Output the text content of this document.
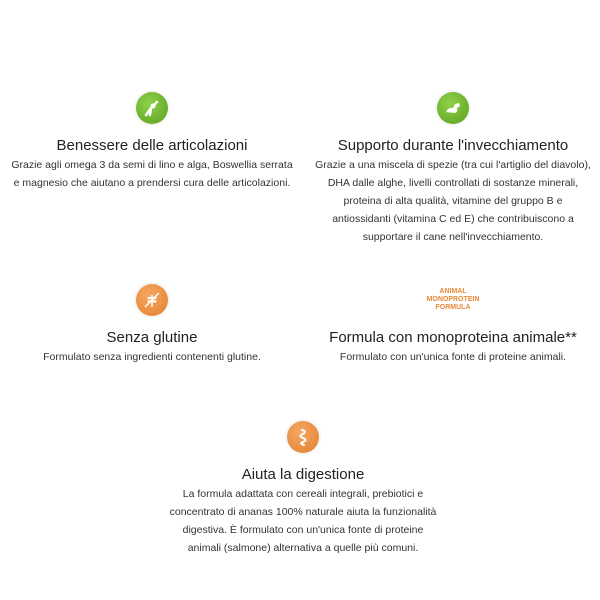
Benessere delle articolazioni
Grazie agli omega 3 da semi di lino e alga, Boswellia serrata
e magnesio che aiutano a prendersi cura delle articolazioni.
Supporto durante l'invecchiamento
Grazie a una miscela di spezie (tra cui l'artiglio del diavolo),
DHA dalle alghe, livelli controllati di sostanze minerali,
proteina di alta qualità, vitamine del gruppo B e
antiossidanti (vitamina C ed E) che contribuiscono a
supportare il cane nell'invecchiamento.
Senza glutine
Formulato senza ingredienti contenenti glutine.
ANIMAL
MONOPROTEIN
FORMULA
Formula con monoproteina animale**
Formulato con un'unica fonte di proteine animali.
Aiuta la digestione
La formula adattata con cereali integrali, prebiotici e
concentrato di ananas 100% naturale aiuta la funzionalità
digestiva. È formulato con un'unica fonte di proteine
animali (salmone) alternativa a quelle più comuni.
